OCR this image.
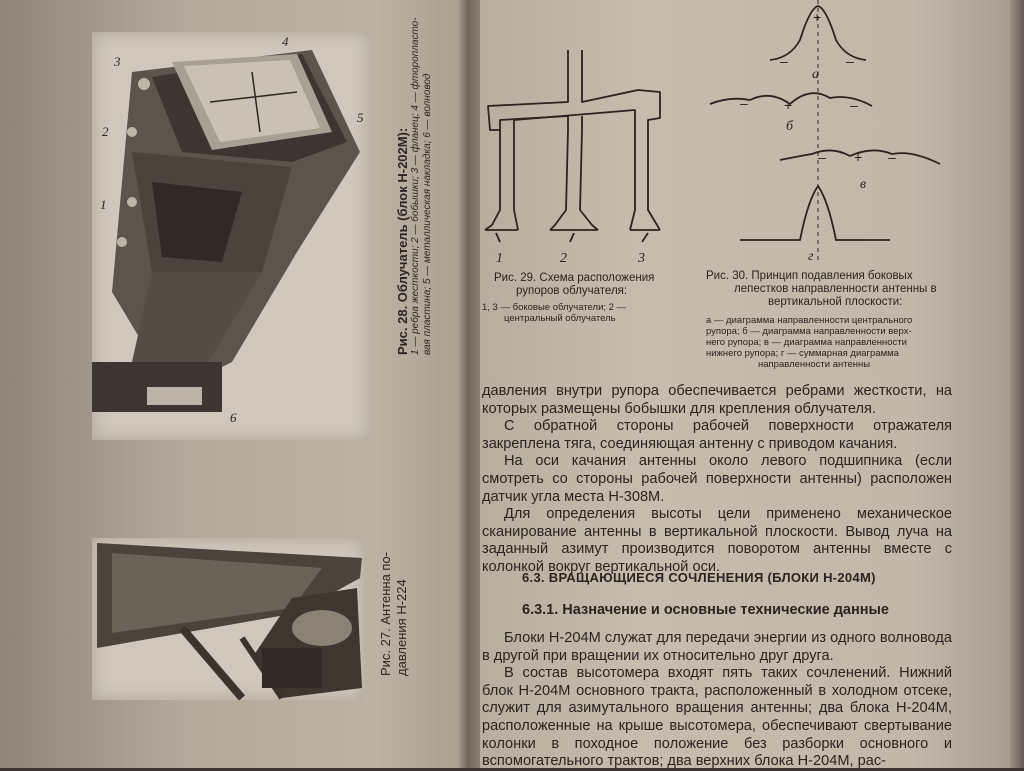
3
4
2
5
1
6
Рис. 28. Облучатель (блок Н-202М): 1 — ребра жесткости; 2 — бобышки; 3 — фланец; 4 — фторопласто- вая пластина; 5 — металлическая накладка; 6 — волновод
Рис. 27. Антенна по- давления Н-224
1	2	3
Рис. 29. Схема расположения
рупоров облучателя:
1, 3 — боковые облучатели; 2 —
центральный облучатель
а
б
в
г
+
–	–
+
–	–
+
–	–
Рис. 30. Принцип подавления боковых
лепестков направленности антенны в
вертикальной плоскости:
а — диаграмма направленности центрального
рупора; б — диаграмма направленности верх-
него рупора; в — диаграмма направленности
нижнего рупора; г — суммарная диаграмма
направленности антенны

давления внутри рупора обеспечивается ребрами жесткости, на которых размещены бобышки для крепления облучателя.

С обратной стороны рабочей поверхности отражателя закреплена тяга, соединяющая антенну с приводом качания.

На оси качания антенны около левого подшипника (если смотреть со стороны рабочей поверхности антенны) расположен датчик угла места Н-308М.

Для определения высоты цели применено механическое сканирование антенны в вертикальной плоскости. Вывод луча на заданный азимут производится поворотом антенны вместе с колонкой вокруг вертикальной оси.

6.3. ВРАЩАЮЩИЕСЯ СОЧЛЕНЕНИЯ (БЛОКИ Н-204М)
6.3.1. Назначение и основные технические данные

Блоки Н-204М служат для передачи энергии из одного волновода в другой при вращении их относительно друг друга.

В состав высотомера входят пять таких сочленений. Нижний блок Н-204М основного тракта, расположенный в холодном отсеке, служит для азимутального вращения антенны; два блока Н-204М, расположенные на крыше высотомера, обеспечивают свертывание колонки в походное положение без разборки основного и вспомогательного трактов; два верхних блока Н-204М, рас-
